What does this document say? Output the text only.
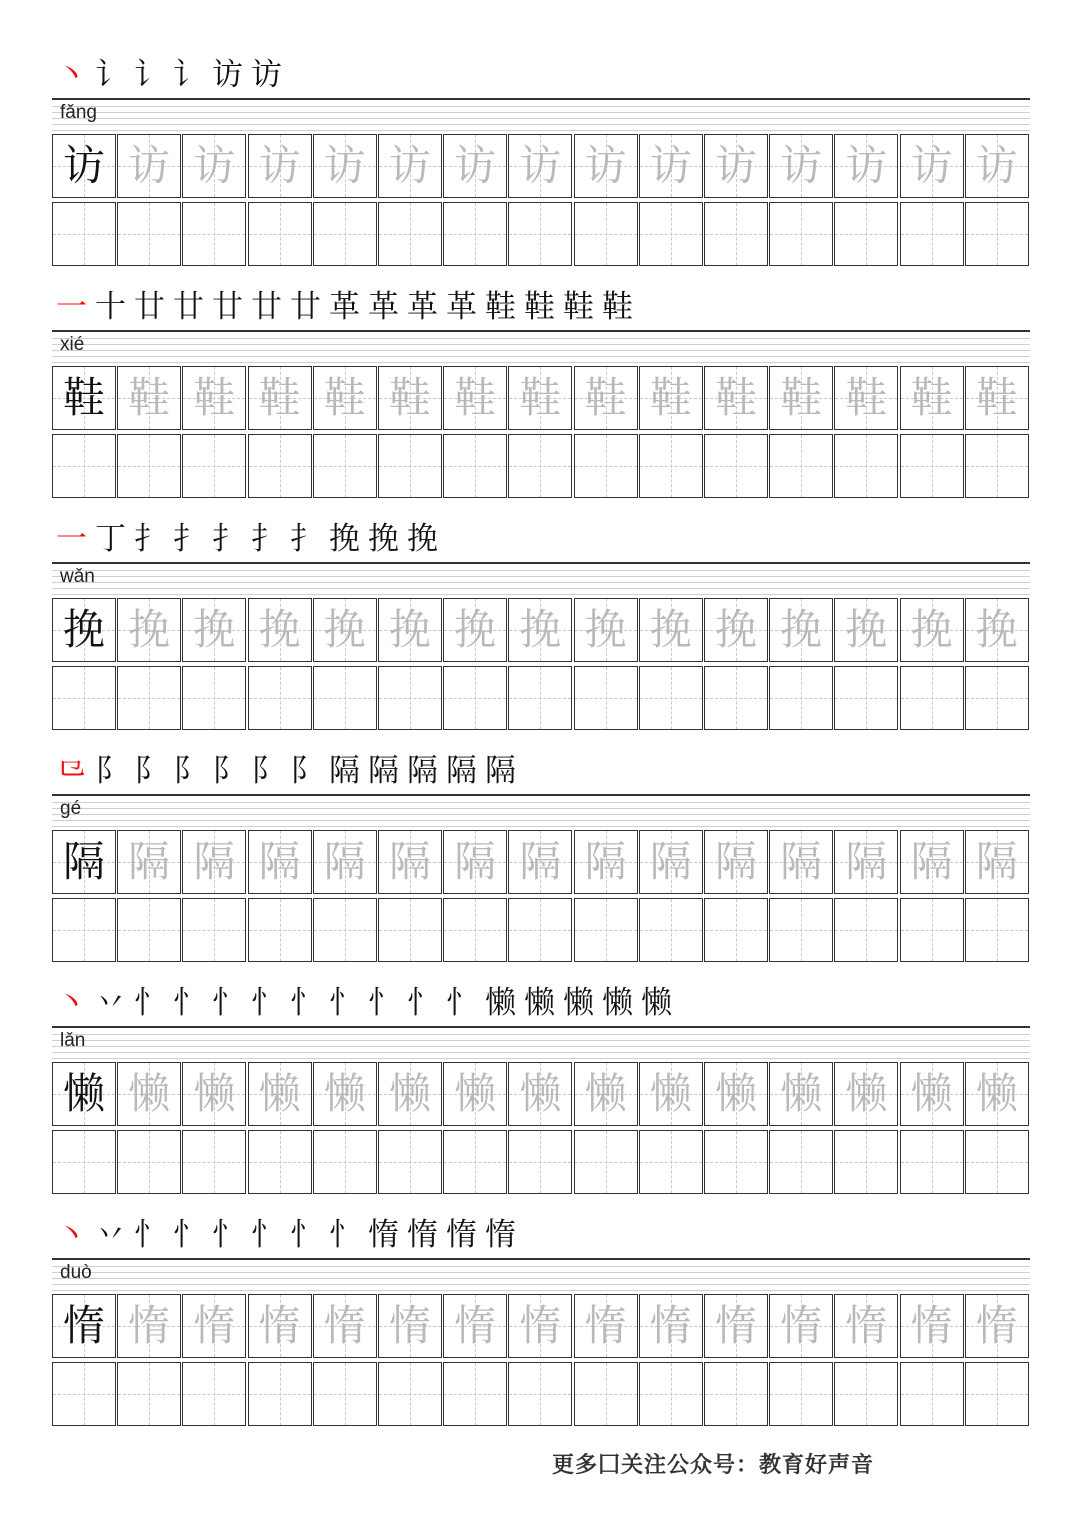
丶 讠 讠 讠 访 访
fǎng
访 访 访 访 访 访 访 访 访 访 访 访 访 访 访
一 十 廿 廿 廿 廿 廿 革 革 革 革 鞋 鞋 鞋 鞋
xié
鞋 鞋 鞋 鞋 鞋 鞋 鞋 鞋 鞋 鞋 鞋 鞋 鞋 鞋 鞋
一 丁 扌 扌 扌 扌 扌 挽 挽 挽
wǎn
挽 挽 挽 挽 挽 挽 挽 挽 挽 挽 挽 挽 挽 挽 挽
⺋ 阝 阝 阝 阝 阝 阝 隔 隔 隔 隔 隔
gé
隔 隔 隔 隔 隔 隔 隔 隔 隔 隔 隔 隔 隔 隔 隔
丶 丷 忄 忄 忄 忄 忄 忄 忄 忄 忄 懒 懒 懒 懒 懒
lǎn
懒 懒 懒 懒 懒 懒 懒 懒 懒 懒 懒 懒 懒 懒 懒
丶 丷 忄 忄 忄 忄 忄 忄 惰 惰 惰 惰
duò
惰 惰 惰 惰 惰 惰 惰 惰 惰 惰 惰 惰 惰 惰 惰
更多囗关注公众号：教育好声音
